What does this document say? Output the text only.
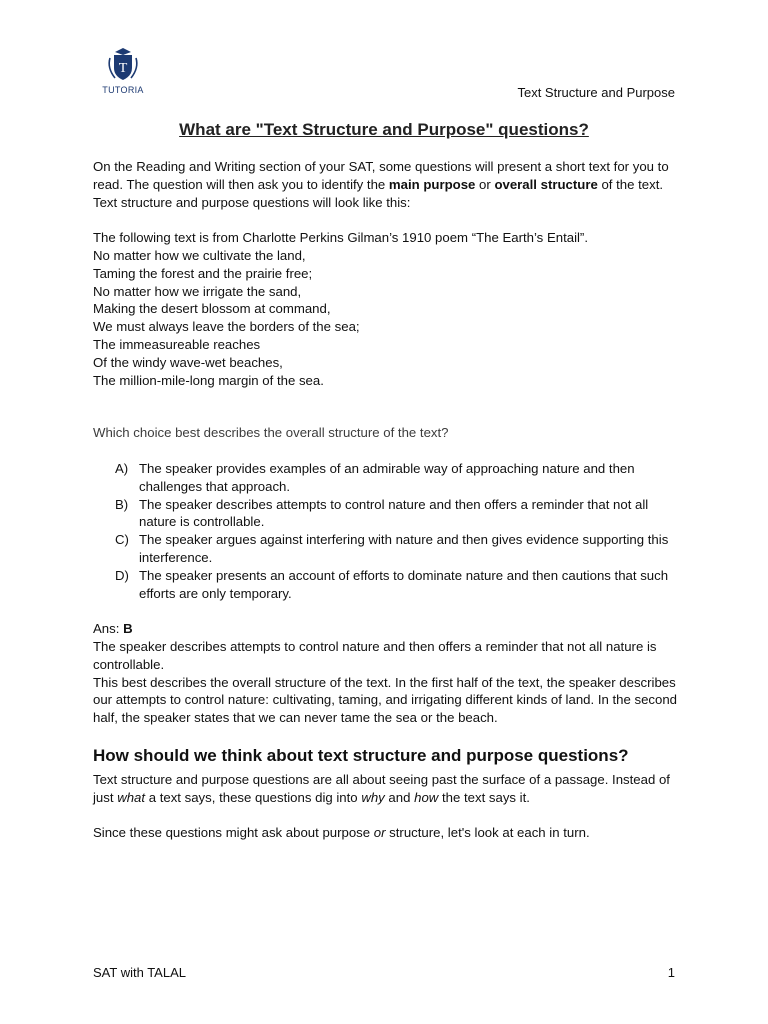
T
TUTORIA	Text Structure and Purpose
What are "Text Structure and Purpose" questions?

On the Reading and Writing section of your SAT, some questions will present a short text for you to read. The question will then ask you to identify the main purpose or overall structure of the text.

Text structure and purpose questions will look like this:

The following text is from Charlotte Perkins Gilman’s 1910 poem “The Earth’s Entail”.

No matter how we cultivate the land,

Taming the forest and the prairie free;

No matter how we irrigate the sand,

Making the desert blossom at command,

We must always leave the borders of the sea;

The immeasureable reaches

Of the windy wave-wet beaches,

The million-mile-long margin of the sea.

Which choice best describes the overall structure of the text?

A) The speaker provides examples of an admirable way of approaching nature and then challenges that approach.
B) The speaker describes attempts to control nature and then offers a reminder that not all nature is controllable.
C) The speaker argues against interfering with nature and then gives evidence supporting this interference.
D) The speaker presents an account of efforts to dominate nature and then cautions that such efforts are only temporary.

Ans: B

The speaker describes attempts to control nature and then offers a reminder that not all nature is controllable.

This best describes the overall structure of the text. In the first half of the text, the speaker describes our attempts to control nature: cultivating, taming, and irrigating different kinds of land. In the second half, the speaker states that we can never tame the sea or the beach.

How should we think about text structure and purpose questions?

Text structure and purpose questions are all about seeing past the surface of a passage. Instead of just what a text says, these questions dig into why and how the text says it.

Since these questions might ask about purpose or structure, let's look at each in turn.

SAT with TALAL	1
